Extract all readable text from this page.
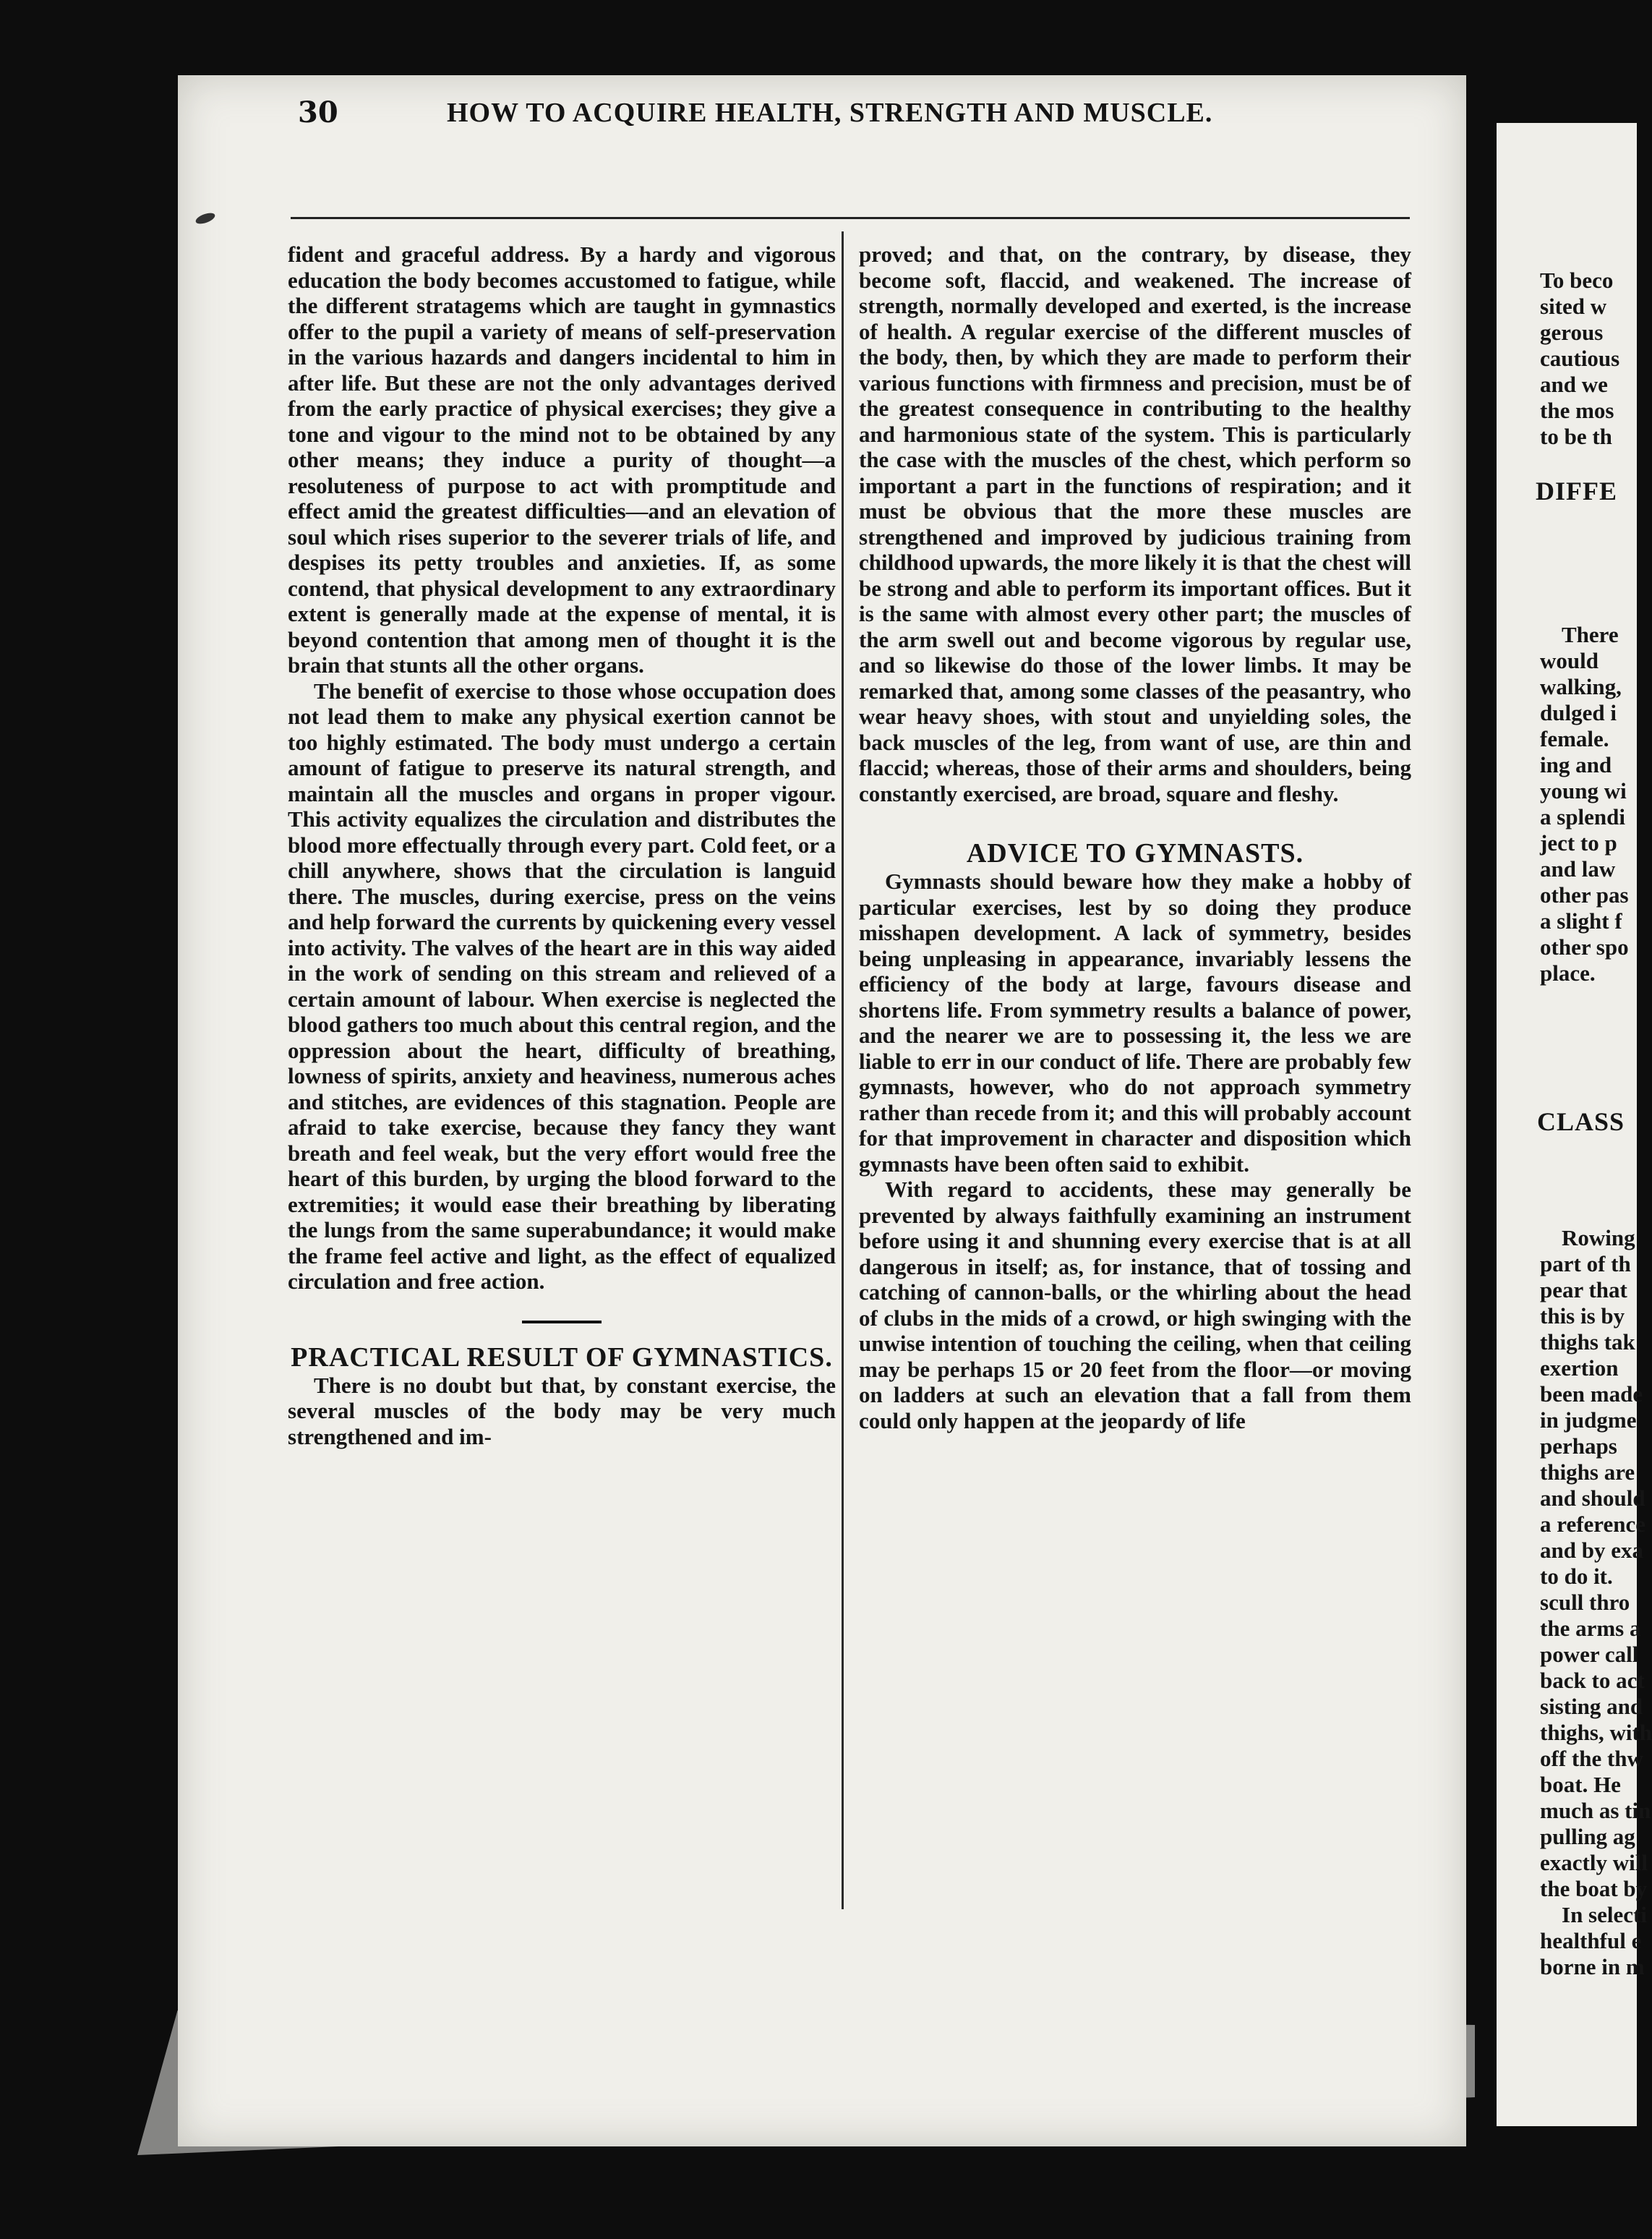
30	HOW TO ACQUIRE HEALTH, STRENGTH AND MUSCLE.

fident and graceful address. By a hardy and vigorous education the body becomes accustomed to fatigue, while the different stratagems which are taught in gymnastics offer to the pupil a variety of means of self-preservation in the various hazards and dangers incidental to him in after life. But these are not the only advantages derived from the early practice of physical exercises; they give a tone and vigour to the mind not to be obtained by any other means; they induce a purity of thought—a resoluteness of purpose to act with promptitude and effect amid the greatest difficulties—and an elevation of soul which rises superior to the severer trials of life, and despises its petty troubles and anxieties. If, as some contend, that physical development to any extraordinary extent is generally made at the expense of mental, it is beyond contention that among men of thought it is the brain that stunts all the other organs.

The benefit of exercise to those whose occupation does not lead them to make any physical exertion cannot be too highly estimated. The body must undergo a certain amount of fatigue to preserve its natural strength, and maintain all the muscles and organs in proper vigour. This activity equalizes the circulation and distributes the blood more effectually through every part. Cold feet, or a chill anywhere, shows that the circulation is languid there. The muscles, during exercise, press on the veins and help forward the currents by quickening every vessel into activity. The valves of the heart are in this way aided in the work of sending on this stream and relieved of a certain amount of labour. When exercise is neglected the blood gathers too much about this central region, and the oppression about the heart, difficulty of breathing, lowness of spirits, anxiety and heaviness, numerous aches and stitches, are evidences of this stagnation. People are afraid to take exercise, because they fancy they want breath and feel weak, but the very effort would free the heart of this burden, by urging the blood forward to the extremities; it would ease their breathing by liberating the lungs from the same superabundance; it would make the frame feel active and light, as the effect of equalized circulation and free action.

PRACTICAL RESULT OF GYMNASTICS.

There is no doubt but that, by constant exercise, the several muscles of the body may be very much strengthened and im-

proved; and that, on the contrary, by disease, they become soft, flaccid, and weakened. The increase of strength, normally developed and exerted, is the increase of health. A regular exercise of the different muscles of the body, then, by which they are made to perform their various functions with firmness and precision, must be of the greatest consequence in contributing to the healthy and harmonious state of the system. This is particularly the case with the muscles of the chest, which perform so important a part in the functions of respiration; and it must be obvious that the more these muscles are strengthened and improved by judicious training from childhood upwards, the more likely it is that the chest will be strong and able to perform its important offices. But it is the same with almost every other part; the muscles of the arm swell out and become vigorous by regular use, and so likewise do those of the lower limbs. It may be remarked that, among some classes of the peasantry, who wear heavy shoes, with stout and unyielding soles, the back muscles of the leg, from want of use, are thin and flaccid; whereas, those of their arms and shoulders, being constantly exercised, are broad, square and fleshy.

ADVICE TO GYMNASTS.

Gymnasts should beware how they make a hobby of particular exercises, lest by so doing they produce misshapen development. A lack of symmetry, besides being unpleasing in appearance, invariably lessens the efficiency of the body at large, favours disease and shortens life. From symmetry results a balance of power, and the nearer we are to possessing it, the less we are liable to err in our conduct of life. There are probably few gymnasts, however, who do not approach symmetry rather than recede from it; and this will probably account for that improvement in character and disposition which gymnasts have been often said to exhibit.

With regard to accidents, these may generally be prevented by always faithfully examining an instrument before using it and shunning every exercise that is at all dangerous in itself; as, for instance, that of tossing and catching of cannon-balls, or the whirling about the head of clubs in the mids of a crowd, or high swinging with the unwise intention of touching the ceiling, when that ceiling may be perhaps 15 or 20 feet from the floor—or moving on ladders at such an elevation that a fall from them could only happen at the jeopardy of life

To beco
sited w
gerous
cautious
and we
the mos
to be th
DIFFE
There
would
walking,
dulged i
female.
ing and
young wi
a splendi
ject to p
and law
other pas
a slight f
other spo
place.
CLASS
Rowing
part of th
pear that
this is by
thighs tak
exertion
been made
in judgme
perhaps
thighs are
and should
a reference
and by exa
to do it.
scull thro
the arms a
power call
back to act
sisting and
thighs, with
off the thw
boat. He
much as tin
pulling ag
exactly will
the boat by
In selecti
healthful e
borne in m
